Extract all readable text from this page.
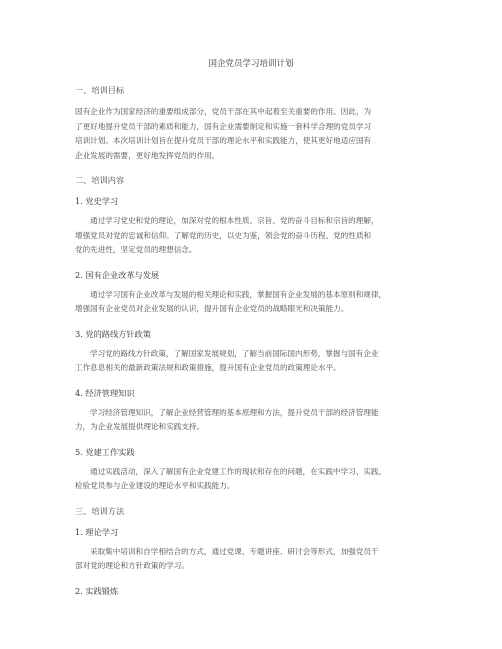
国企党员学习培训计划
一、培训目标
国有企业作为国家经济的重要组成部分，党员干部在其中起着至关重要的作用。因此，为
了更好地提升党员干部的素质和能力，国有企业需要制定和实施一套科学合理的党员学习
培训计划。本次培训计划旨在提升党员干部的理论水平和实践能力，使其更好地适应国有
企业发展的需要，更好地发挥党员的作用。
二、培训内容
1. 党史学习
通过学习党史和党的理论，加深对党的根本性质、宗旨、党的奋斗目标和宗旨的理解，
增强党员对党的忠诚和信仰。了解党的历史，以史为鉴，领会党的奋斗历程、党的性质和
党的先进性，坚定党员的理想信念。
2. 国有企业改革与发展
通过学习国有企业改革与发展的相关理论和实践，掌握国有企业发展的基本原则和规律，
增强国有企业党员对企业发展的认识，提升国有企业党员的战略眼光和决策能力。
3. 党的路线方针政策
学习党的路线方针政策，了解国家发展规划，了解当前国际国内形势，掌握与国有企业
工作息息相关的最新政策法规和政策措施，提升国有企业党员的政策理论水平。
4. 经济管理知识
学习经济管理知识，了解企业经营管理的基本原理和方法，提升党员干部的经济管理能
力，为企业发展提供理论和实践支持。
5. 党建工作实践
通过实践活动，深入了解国有企业党建工作的现状和存在的问题，在实践中学习、实践、
检验党员参与企业建设的理论水平和实践能力。
三、培训方法
1. 理论学习
采取集中培训和自学相结合的方式，通过党课、专题讲座、研讨会等形式，加强党员干
部对党的理论和方针政策的学习。
2. 实践锻炼
